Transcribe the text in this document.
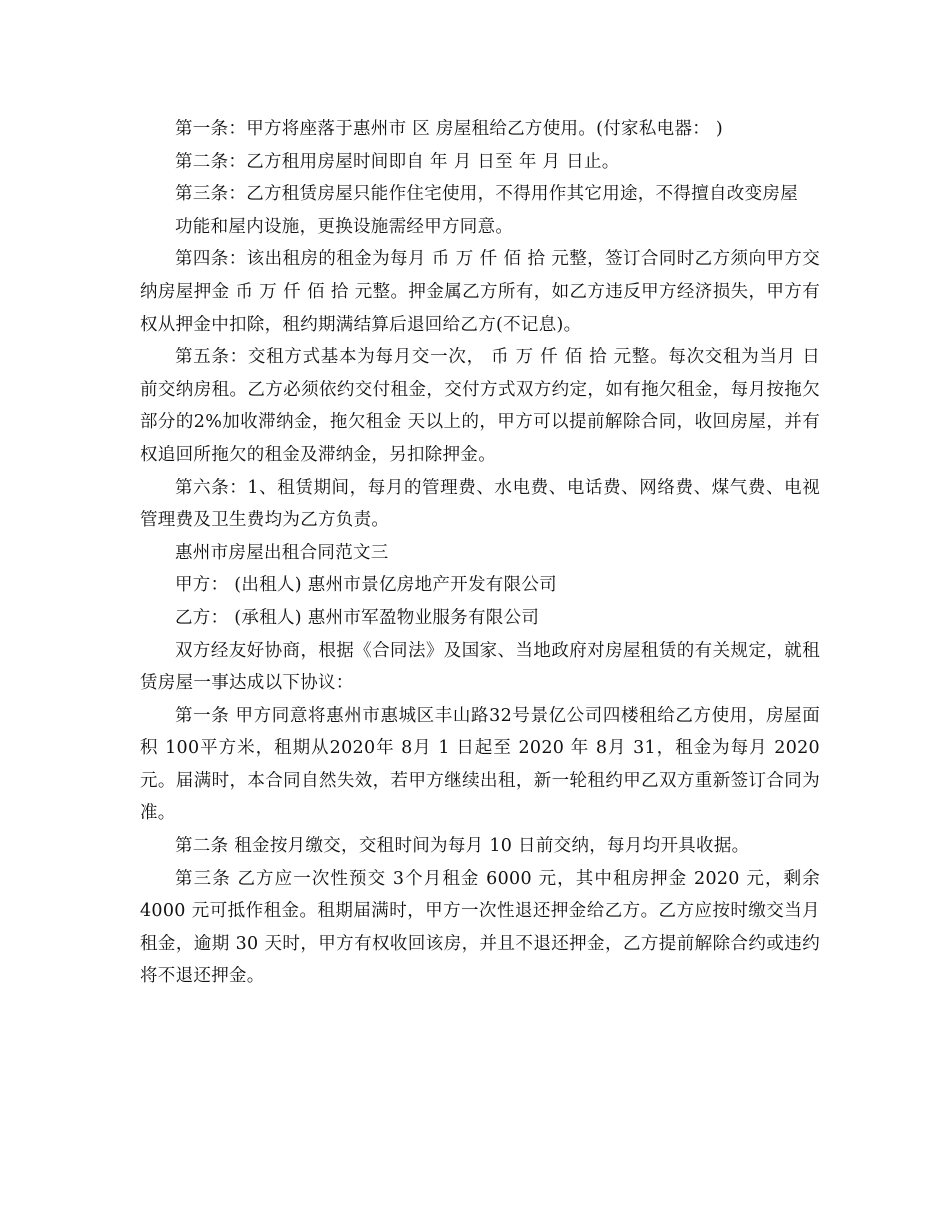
第一条：甲方将座落于惠州市 区 房屋租给乙方使用。(付家私电器： )

第二条：乙方租用房屋时间即自 年 月 日至 年 月 日止。

第三条：乙方租赁房屋只能作住宅使用，不得用作其它用途，不得擅自改变房屋

功能和屋内设施，更换设施需经甲方同意。

第四条：该出租房的租金为每月 币 万 仟 佰 拾 元整，签订合同时乙方须向甲方交纳房屋押金 币 万 仟 佰 拾 元整。押金属乙方所有，如乙方违反甲方经济损失，甲方有权从押金中扣除，租约期满结算后退回给乙方(不记息)。

第五条：交租方式基本为每月交一次， 币 万 仟 佰 拾 元整。每次交租为当月 日前交纳房租。乙方必须依约交付租金，交付方式双方约定，如有拖欠租金，每月按拖欠部分的2%加收滞纳金，拖欠租金 天以上的，甲方可以提前解除合同，收回房屋，并有权追回所拖欠的租金及滞纳金，另扣除押金。

第六条：1、租赁期间，每月的管理费、水电费、电话费、网络费、煤气费、电视管理费及卫生费均为乙方负责。

惠州市房屋出租合同范文三

甲方： (出租人) 惠州市景亿房地产开发有限公司

乙方： (承租人) 惠州市军盈物业服务有限公司

双方经友好协商，根据《合同法》及国家、当地政府对房屋租赁的有关规定，就租赁房屋一事达成以下协议：

第一条 甲方同意将惠州市惠城区丰山路32号景亿公司四楼租给乙方使用，房屋面积 100平方米，租期从2020年 8月 1 日起至 2020 年 8月 31，租金为每月 2020 元。届满时，本合同自然失效，若甲方继续出租，新一轮租约甲乙双方重新签订合同为准。

第二条 租金按月缴交，交租时间为每月 10 日前交纳，每月均开具收据。

第三条 乙方应一次性预交 3个月租金 6000 元，其中租房押金 2020 元，剩余 4000 元可抵作租金。租期届满时，甲方一次性退还押金给乙方。乙方应按时缴交当月租金，逾期 30 天时，甲方有权收回该房，并且不退还押金，乙方提前解除合约或违约将不退还押金。
